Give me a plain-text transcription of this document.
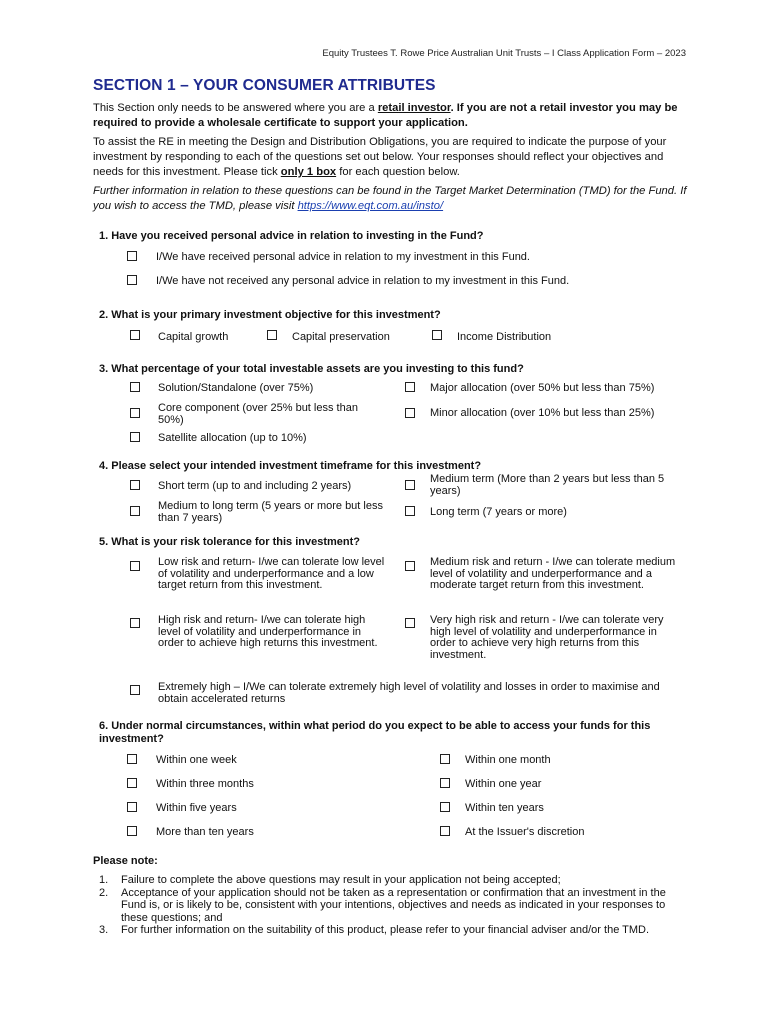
Equity Trustees T. Rowe Price Australian Unit Trusts – I Class Application Form – 2023
SECTION 1 – YOUR CONSUMER ATTRIBUTES
This Section only needs to be answered where you are a retail investor. If you are not a retail investor you may be required to provide a wholesale certificate to support your application.
To assist the RE in meeting the Design and Distribution Obligations, you are required to indicate the purpose of your investment by responding to each of the questions set out below. Your responses should reflect your objectives and needs for this investment. Please tick only 1 box for each question below.
Further information in relation to these questions can be found in the Target Market Determination (TMD) for the Fund. If you wish to access the TMD, please visit https://www.eqt.com.au/insto/
1. Have you received personal advice in relation to investing in the Fund?
I/We have received personal advice in relation to my investment in this Fund.
I/We have not received any personal advice in relation to my investment in this Fund.
2. What is your primary investment objective for this investment?
Capital growth	Capital preservation	Income Distribution
3. What percentage of your total investable assets are you investing to this fund?
Solution/Standalone (over 75%)	Major allocation (over 50% but less than 75%)
Core component (over 25% but less than 50%)
Minor allocation (over 10% but less than 25%)
Satellite allocation (up to 10%)
4. Please select your intended investment timeframe for this investment?
Short term (up to and including 2 years)
Medium term (More than 2 years but less than 5 years)
Medium to long term (5 years or more but less than 7 years)	Long term (7 years or more)
5. What is your risk tolerance for this investment?
Low risk and return- I/we can tolerate low level of volatility and underperformance and a low target return from this investment.
Medium risk and return - I/we can tolerate medium level of volatility and underperformance and a moderate target return from this investment.
High risk and return- I/we can tolerate high level of volatility and underperformance in order to achieve high returns this investment.
Very high risk and return - I/we can tolerate very high level of volatility and underperformance in order to achieve very high returns from this investment.
Extremely high – I/We can tolerate extremely high level of volatility and losses in order to maximise and obtain accelerated returns
6. Under normal circumstances, within what period do you expect to be able to access your funds for this investment?
Within one week	Within one month
Within three months	Within one year
Within five years	Within ten years
More than ten years	At the Issuer's discretion
Please note:
1. Failure to complete the above questions may result in your application not being accepted;
2. Acceptance of your application should not be taken as a representation or confirmation that an investment in the Fund is, or is likely to be, consistent with your intentions, objectives and needs as indicated in your responses to these questions; and
3. For further information on the suitability of this product, please refer to your financial adviser and/or the TMD.
